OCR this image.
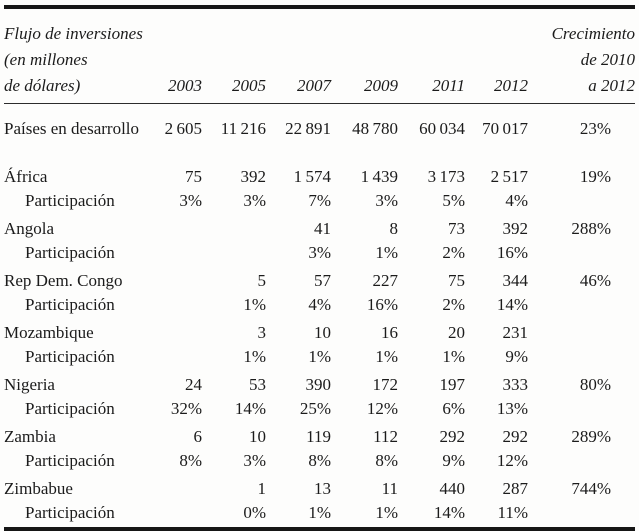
Flujo de inversiones
(en millones
de dólares)	2003	2005	2007	2009	2011	2012	Crecimiento
de 2010
a 2012

Países en desarrollo	2 605	11 216	22 891	48 780	60 034	70 017	23%
África	75	392	1 574	1 439	3 173	2 517	19%
Participación	3%	3%	7%	3%	5%	4%	
Angola			41	8	73	392	288%
Participación			3%	1%	2%	16%	
Rep Dem. Congo		5	57	227	75	344	46%
Participación		1%	4%	16%	2%	14%	
Mozambique		3	10	16	20	231	
Participación		1%	1%	1%	1%	9%	
Nigeria	24	53	390	172	197	333	80%
Participación	32%	14%	25%	12%	6%	13%	
Zambia	6	10	119	112	292	292	289%
Participación	8%	3%	8%	8%	9%	12%	
Zimbabue		1	13	11	440	287	744%
Participación		0%	1%	1%	14%	11%	
